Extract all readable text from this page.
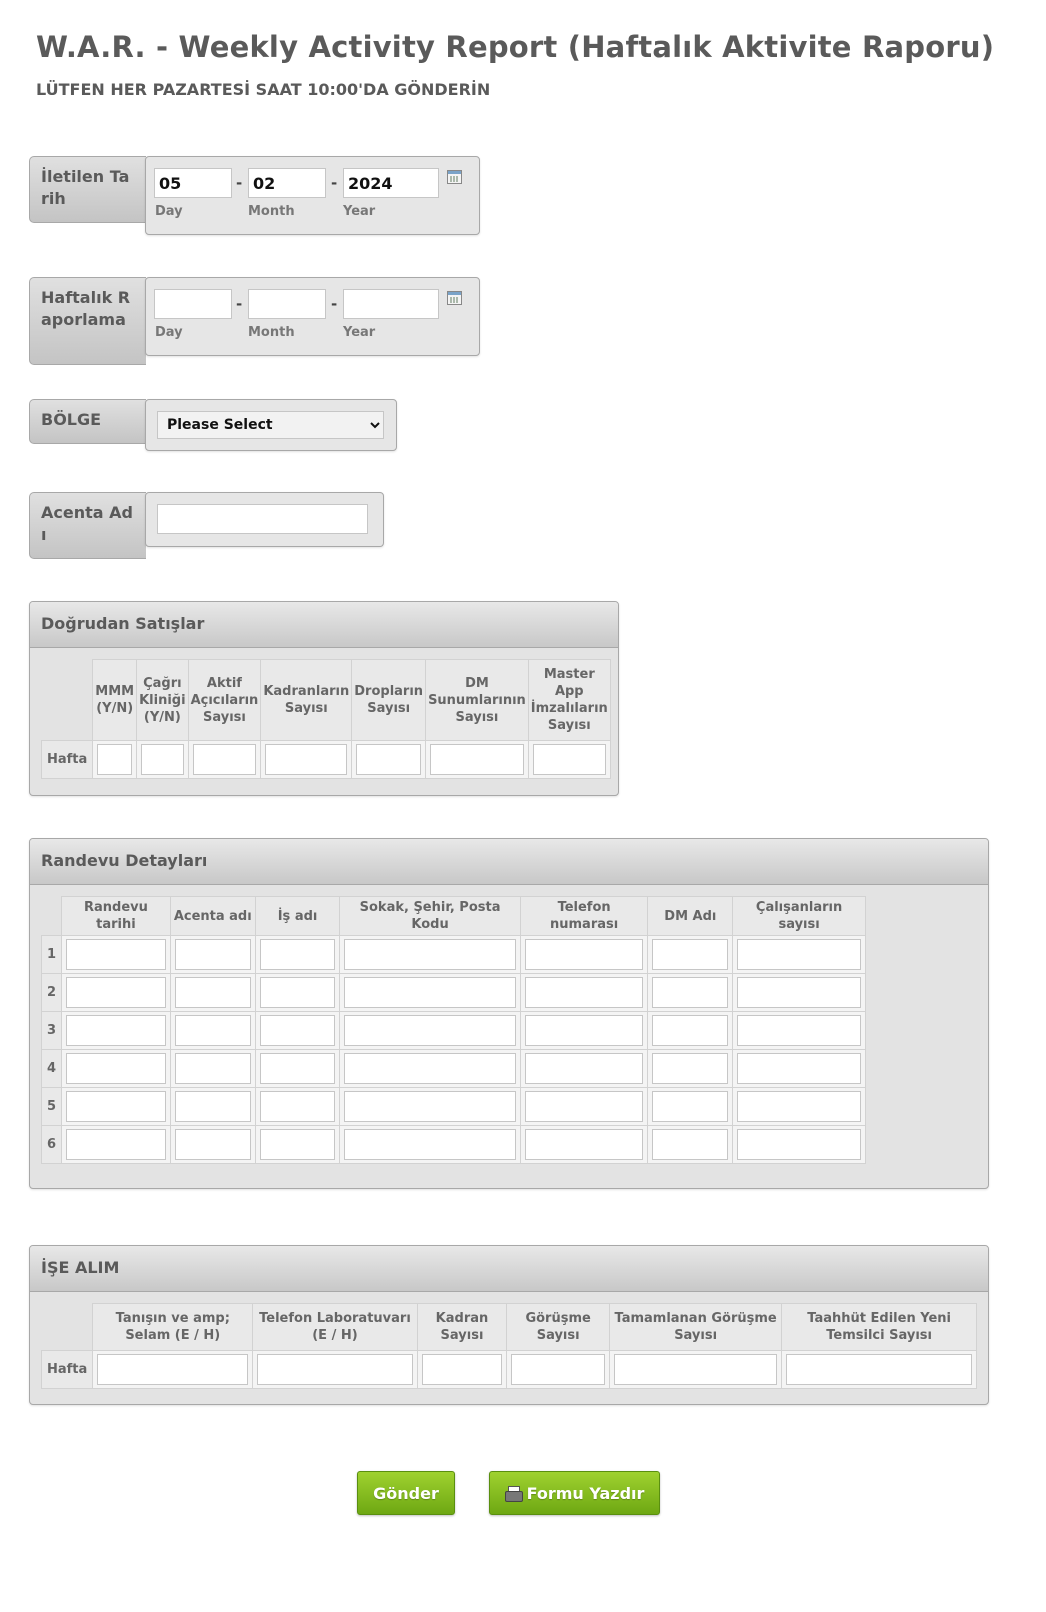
W.A.R. - Weekly Activity Report (Haftalık Aktivite Raporu)
LÜTFEN HER PAZARTESİ SAAT 10:00'DA GÖNDERİN
İletilen Tarih
05
-
02	-
2024
Day	Month	Year
Haftalık Raporlama
-	-
Day	Month	Year
BÖLGE
Please Select
Acenta Adı
Doğrudan Satışlar
	MMM (Y/N)	Çağrı Kliniği (Y/N)	Aktif Açıcıların Sayısı	Kadranların Sayısı	Dropların Sayısı	DM Sunumlarının Sayısı	Master App İmzalıların Sayısı
Hafta	

Randevu Detayları
	Randevu tarihi	Acenta adı	İş adı	Sokak, Şehir, Posta Kodu	Telefon numarası	DM Adı	Çalışanların sayısı
1	

2	

3	

4	

5	

6	

İŞE ALIM
	Tanışın ve amp; Selam (E / H)	Telefon Laboratuvarı (E / H)	Kadran Sayısı	Görüşme Sayısı	Tamamlanan Görüşme Sayısı	Taahhüt Edilen Yeni Temsilci Sayısı
Hafta	

Gönder	Formu Yazdır
